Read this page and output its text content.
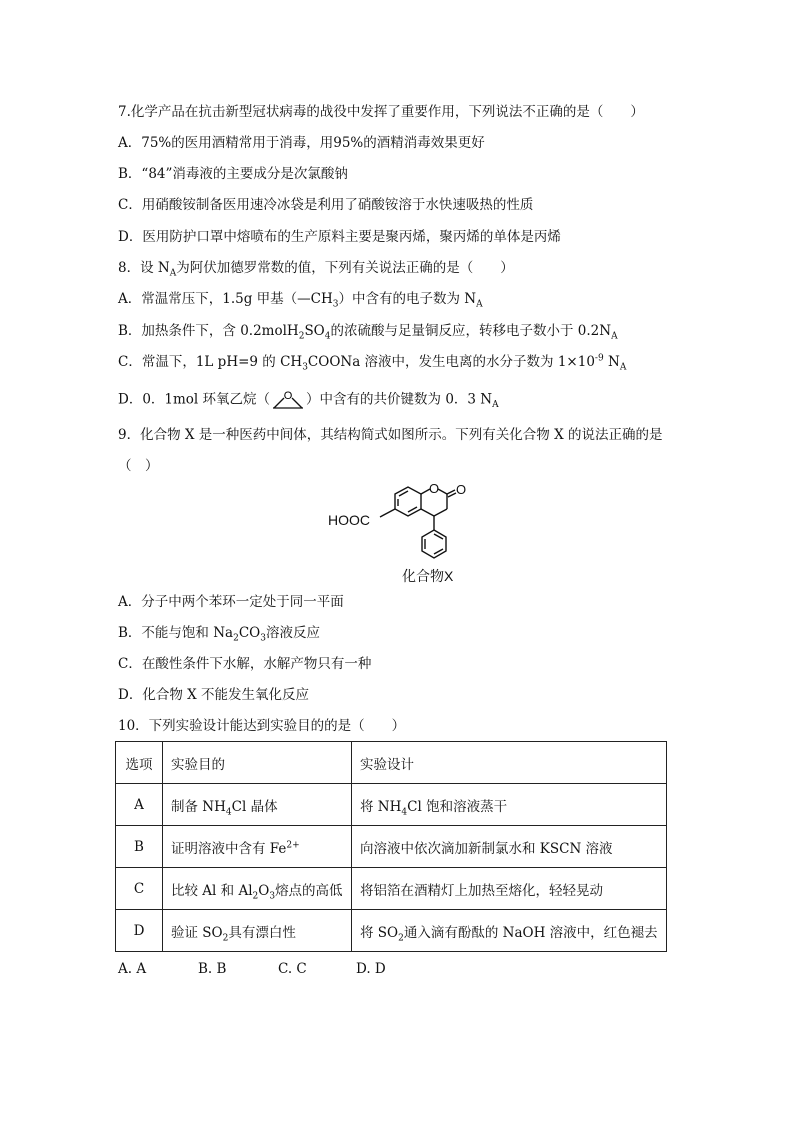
7.化学产品在抗击新型冠状病毒的战役中发挥了重要作用，下列说法不正确的是（　　）
A．75%的医用酒精常用于消毒，用95%的酒精消毒效果更好
B．“84”消毒液的主要成分是次氯酸钠
C．用硝酸铵制备医用速冷冰袋是利用了硝酸铵溶于水快速吸热的性质
D．医用防护口罩中熔喷布的生产原料主要是聚丙烯，聚丙烯的单体是丙烯
8．设 $N_A$为阿伏加德罗常数的值，下列有关说法正确的是（　　）
A．常温常压下，1.5g 甲基$(—CH_3)$中含有的电子数为 $N_A$
B．加热条件下，含 $0.2molH_2SO_4$的浓硫酸与足量铜反应，转移电子数小于 $0.2N_A$
C．常温下，1L pH=9 的 $CH_3COONa$ 溶液中，发生电离的水分子数为 $1\times 10^{-9}$ $N_A$
D．0．1mol 环氧乙烷（ O ）中含有的共价键数为 0．3 $N_A$
9．化合物 X 是一种医药中间体，其结构简式如图所示。下列有关化合物 X 的说法正确的是
（　）
HOOC
O O
化合物X
A．分子中两个苯环一定处于同一平面
B．不能与饱和 $Na_2CO_3$溶液反应
C．在酸性条件下水解，水解产物只有一种
D．化合物 X 不能发生氧化反应
10．下列实验设计能达到实验目的的是（　　）
选项	实验目的	实验设计
A	制备 $NH_4Cl$ 晶体	将 $NH_4Cl$ 饱和溶液蒸干
B	证明溶液中含有 $Fe^{2+}$	向溶液中依次滴加新制氯水和 KSCN 溶液
C	比较 Al 和 $Al_2O_3$熔点的高低	将铝箔在酒精灯上加热至熔化，轻轻晃动
D	验证 $SO_2$具有漂白性	将 $SO_2$通入滴有酚酞的 NaOH 溶液中，红色褪去
A. A	B. B	C. C	D. D
